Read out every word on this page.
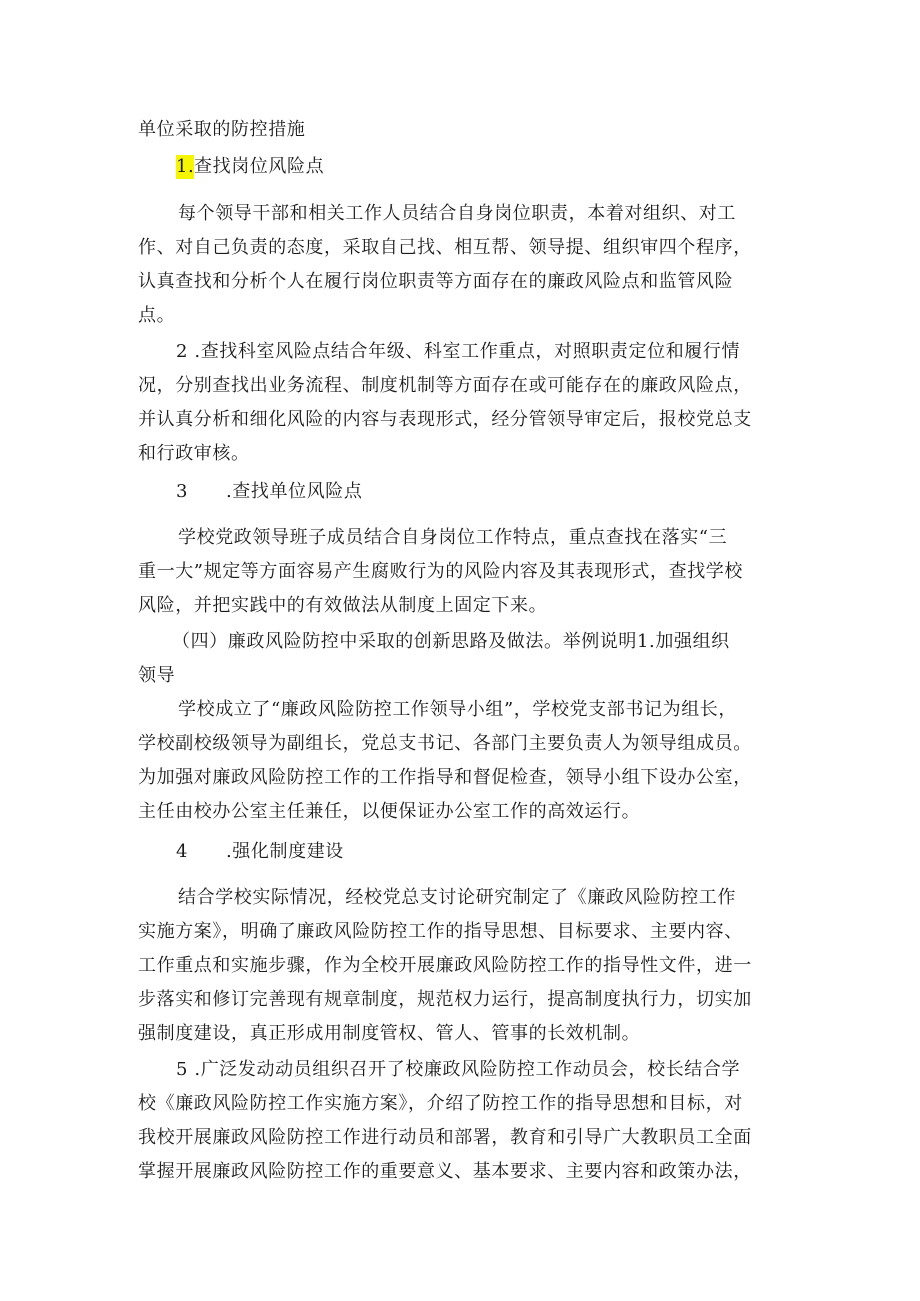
单位采取的防控措施
1. 查找岗位风险点
每个领导干部和相关工作人员结合自身岗位职责，本着对组织、对工
作、对自己负责的态度，采取自己找、相互帮、领导提、组织审四个程序，
认真查找和分析个人在履行岗位职责等方面存在的廉政风险点和监管风险
点。
2 .查找科室风险点结合年级、科室工作重点，对照职责定位和履行情
况，分别查找出业务流程、制度机制等方面存在或可能存在的廉政风险点，
并认真分析和细化风险的内容与表现形式，经分管领导审定后，报校党总支
和行政审核。
3      .查找单位风险点
学校党政领导班子成员结合自身岗位工作特点，重点查找在落实“三
重一大”规定等方面容易产生腐败行为的风险内容及其表现形式，查找学校
风险，并把实践中的有效做法从制度上固定下来。
（四）廉政风险防控中采取的创新思路及做法。举例说明1.加强组织
领导
学校成立了“廉政风险防控工作领导小组”，学校党支部书记为组长，
学校副校级领导为副组长，党总支书记、各部门主要负责人为领导组成员。
为加强对廉政风险防控工作的工作指导和督促检查，领导小组下设办公室，
主任由校办公室主任兼任，以便保证办公室工作的高效运行。
4      .强化制度建设
结合学校实际情况，经校党总支讨论研究制定了《廉政风险防控工作
实施方案》，明确了廉政风险防控工作的指导思想、目标要求、主要内容、
工作重点和实施步骤，作为全校开展廉政风险防控工作的指导性文件，进一
步落实和修订完善现有规章制度，规范权力运行，提高制度执行力，切实加
强制度建设，真正形成用制度管权、管人、管事的长效机制。
5 .广泛发动动员组织召开了校廉政风险防控工作动员会，校长结合学
校《廉政风险防控工作实施方案》，介绍了防控工作的指导思想和目标，对
我校开展廉政风险防控工作进行动员和部署，教育和引导广大教职员工全面
掌握开展廉政风险防控工作的重要意义、基本要求、主要内容和政策办法，
